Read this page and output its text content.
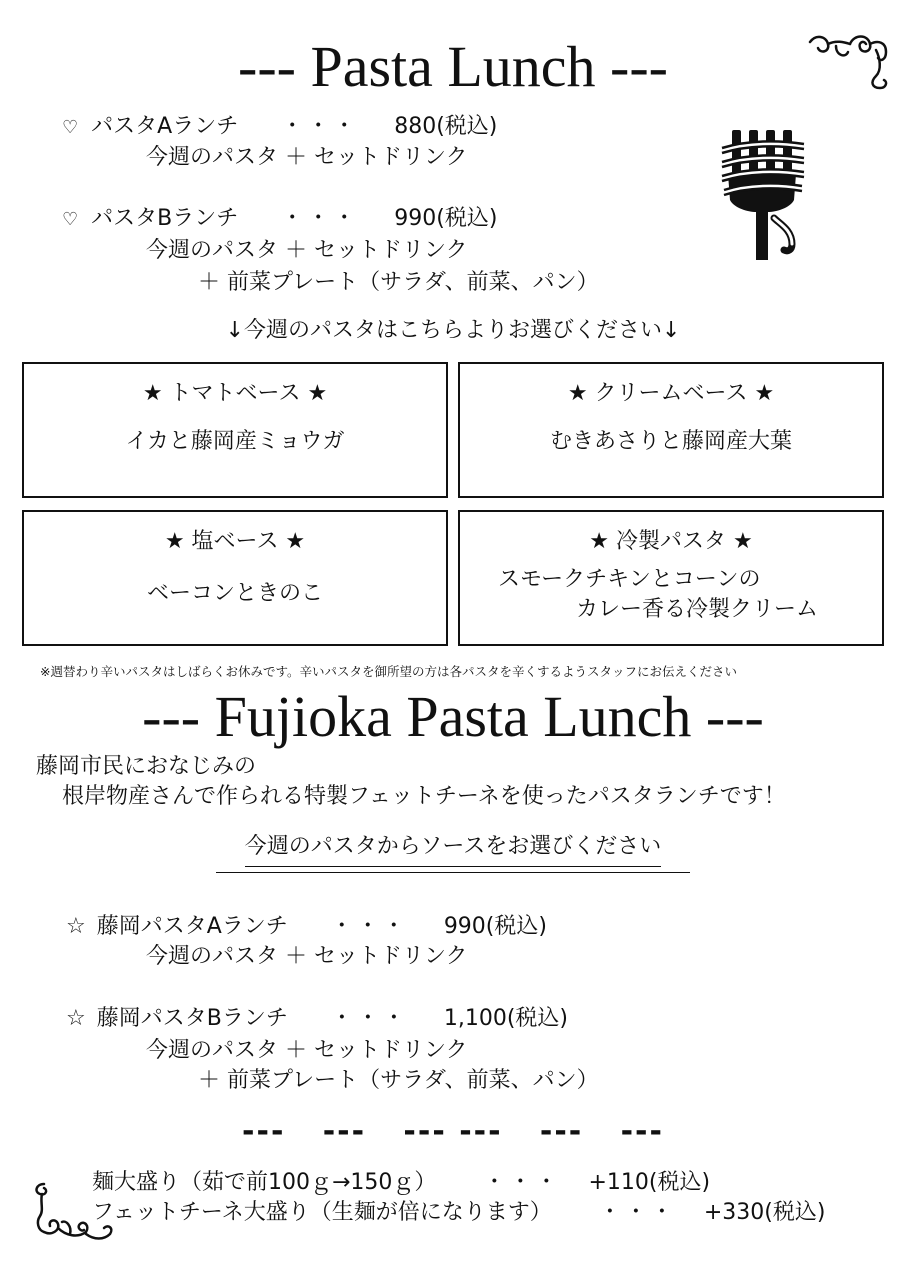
--- Pasta Lunch ---
♡ パスタAランチ ・・・ 880(税込)
今週のパスタ ＋ セットドリンク
♡ パスタBランチ ・・・ 990(税込)
今週のパスタ ＋ セットドリンク
＋ 前菜プレート（サラダ、前菜、パン）
↓今週のパスタはこちらよりお選びください↓
★ トマトベース ★
イカと藤岡産ミョウガ
★ クリームベース ★
むきあさりと藤岡産大葉
★ 塩ベース ★
ベーコンときのこ
★ 冷製パスタ ★
スモークチキンとコーンの
カレー香る冷製クリーム
※週替わり辛いパスタはしばらくお休みです。辛いパスタを御所望の方は各パスタを辛くするようスタッフにお伝えください
--- Fujioka Pasta Lunch ---
藤岡市民におなじみの
根岸物産さんで作られる特製フェットチーネを使ったパスタランチです！
今週のパスタからソースをお選びください
☆ 藤岡パスタAランチ ・・・ 990(税込)
今週のパスタ ＋ セットドリンク
☆ 藤岡パスタBランチ ・・・ 1,100(税込)
今週のパスタ ＋ セットドリンク
＋ 前菜プレート（サラダ、前菜、パン）
---   ---   --- ---   ---   ---
麺大盛り（茹で前100ｇ→150ｇ） ・・・ +110(税込)
フェットチーネ大盛り（生麺が倍になります） ・・・ +330(税込)
